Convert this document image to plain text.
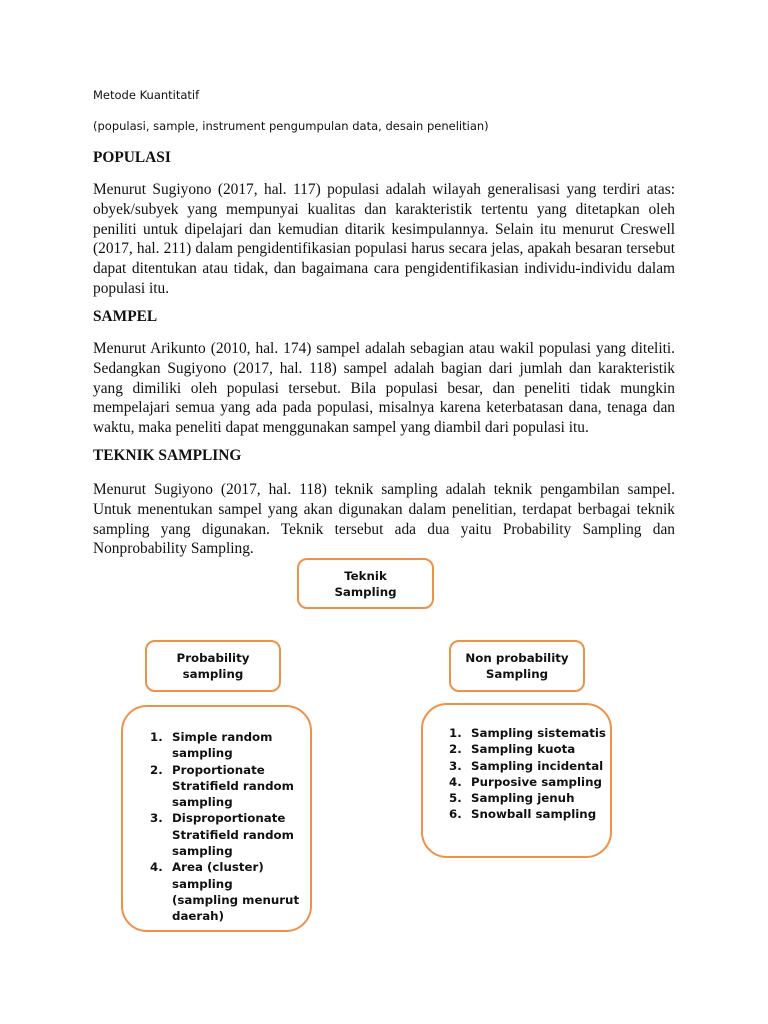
Metode Kuantitatif
(populasi, sample, instrument pengumpulan data, desain penelitian)
POPULASI

Menurut Sugiyono (2017, hal. 117) populasi adalah wilayah generalisasi yang terdiri atas: obyek/subyek yang mempunyai kualitas dan karakteristik tertentu yang ditetapkan oleh peniliti untuk dipelajari dan kemudian ditarik kesimpulannya. Selain itu menurut Creswell (2017, hal. 211) dalam pengidentifikasian populasi harus secara jelas, apakah besaran tersebut dapat ditentukan atau tidak, dan bagaimana cara pengidentifikasian individu-individu dalam populasi itu.

SAMPEL

Menurut Arikunto (2010, hal. 174) sampel adalah sebagian atau wakil populasi yang diteliti. Sedangkan Sugiyono (2017, hal. 118) sampel adalah bagian dari jumlah dan karakteristik yang dimiliki oleh populasi tersebut. Bila populasi besar, dan peneliti tidak mungkin mempelajari semua yang ada pada populasi, misalnya karena keterbatasan dana, tenaga dan waktu, maka peneliti dapat menggunakan sampel yang diambil dari populasi itu.

TEKNIK SAMPLING

Menurut Sugiyono (2017, hal. 118) teknik sampling adalah teknik pengambilan sampel. Untuk menentukan sampel yang akan digunakan dalam penelitian, terdapat berbagai teknik sampling yang digunakan. Teknik tersebut ada dua yaitu Probability Sampling dan Nonprobability Sampling.

Teknik
Sampling
Probability
sampling
Non probability
Sampling
1. Simple random sampling
2. Proportionate Stratifield random sampling
3. Disproportionate Stratifield random sampling
4. Area (cluster) sampling (sampling menurut daerah)
1. Sampling sistematis
2. Sampling kuota
3. Sampling incidental
4. Purposive sampling
5. Sampling jenuh
6. Snowball sampling
